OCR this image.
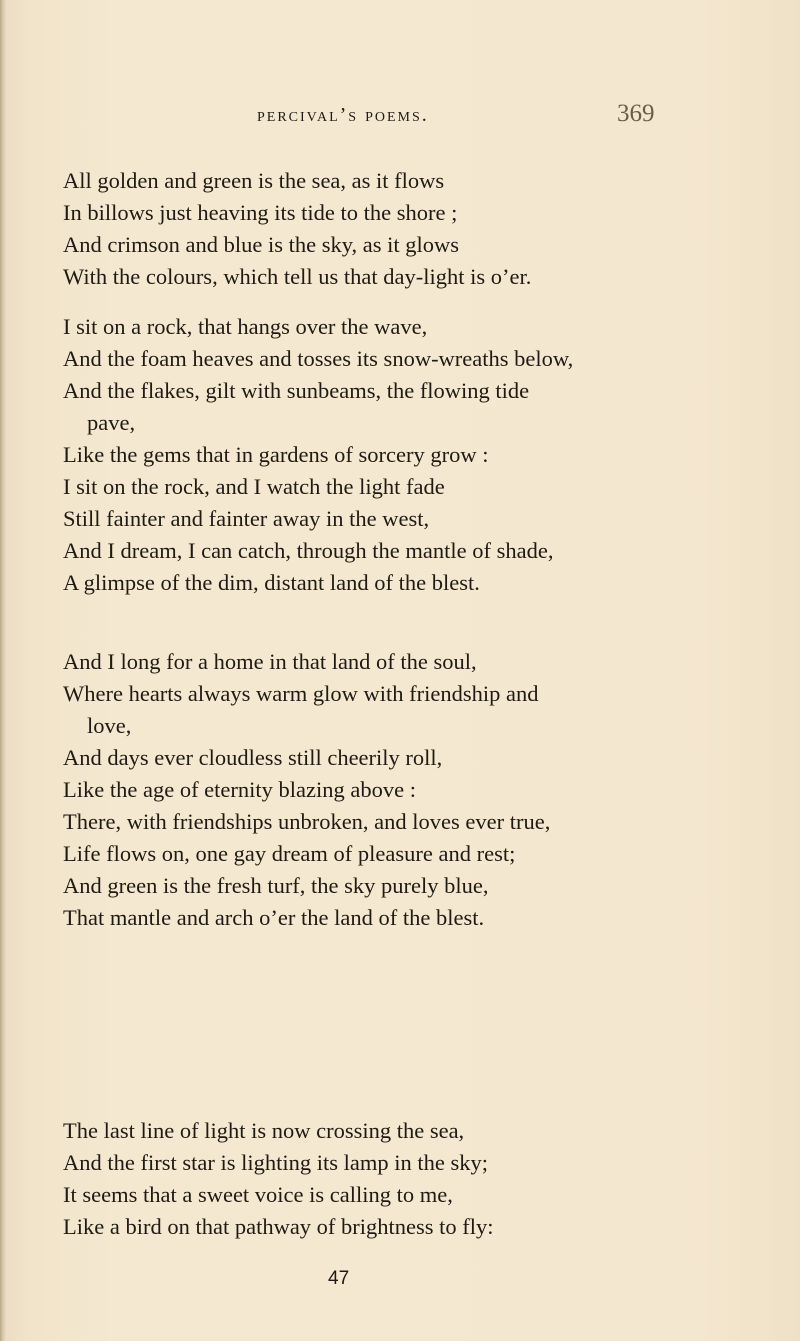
percival’s poems.	369
All golden and green is the sea, as it flows
In billows just heaving its tide to the shore ;
And crimson and blue is the sky, as it glows
With the colours, which tell us that day-light is o’er.
I sit on a rock, that hangs over the wave,
And the foam heaves and tosses its snow-wreaths below,
And the flakes, gilt with sunbeams, the flowing tide
pave,
Like the gems that in gardens of sorcery grow :
I sit on the rock, and I watch the light fade
Still fainter and fainter away in the west,
And I dream, I can catch, through the mantle of shade,
A glimpse of the dim, distant land of the blest.
And I long for a home in that land of the soul,
Where hearts always warm glow with friendship and
love,
And days ever cloudless still cheerily roll,
Like the age of eternity blazing above :
There, with friendships unbroken, and loves ever true,
Life flows on, one gay dream of pleasure and rest;
And green is the fresh turf, the sky purely blue,
That mantle and arch o’er the land of the blest.
The last line of light is now crossing the sea,
And the first star is lighting its lamp in the sky;
It seems that a sweet voice is calling to me,
Like a bird on that pathway of brightness to fly:
47
